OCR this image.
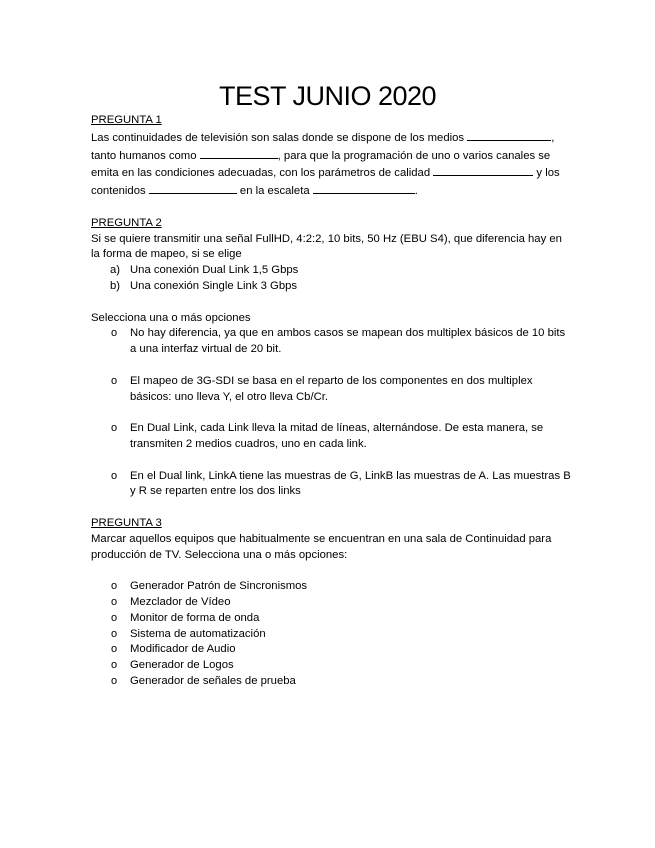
TEST JUNIO 2020

PREGUNTA 1

Las continuidades de televisión son salas donde se dispone de los medios	, tanto humanos como	, para que la programación de uno o varios canales se emita en las condiciones adecuadas, con los parámetros de calidad	y los contenidos	en la escaleta	.

PREGUNTA 2

Si se quiere transmitir una señal FullHD, 4:2:2, 10 bits, 50 Hz (EBU S4), que diferencia hay en la forma de mapeo, si se elige

a) Una conexión Dual Link 1,5 Gbps
b) Una conexión Single Link 3 Gbps

Selecciona una o más opciones

o No hay diferencia, ya que en ambos casos se mapean dos multiplex básicos de 10 bits a una interfaz virtual de 20 bit.
o El mapeo de 3G-SDI se basa en el reparto de los componentes en dos multiplex básicos: uno lleva Y, el otro lleva Cb/Cr.
o En Dual Link, cada Link lleva la mitad de líneas, alternándose. De esta manera, se transmiten 2 medios cuadros, uno en cada link.
o En el Dual link, LinkA tiene las muestras de G, LinkB las muestras de A. Las muestras B y R se reparten entre los dos links

PREGUNTA 3

Marcar aquellos equipos que habitualmente se encuentran en una sala de Continuidad para producción de TV. Selecciona una o más opciones:

o Generador Patrón de Sincronismos
o Mezclador de Vídeo
o Monitor de forma de onda
o Sistema de automatización
o Modificador de Audio
o Generador de Logos
o Generador de señales de prueba
